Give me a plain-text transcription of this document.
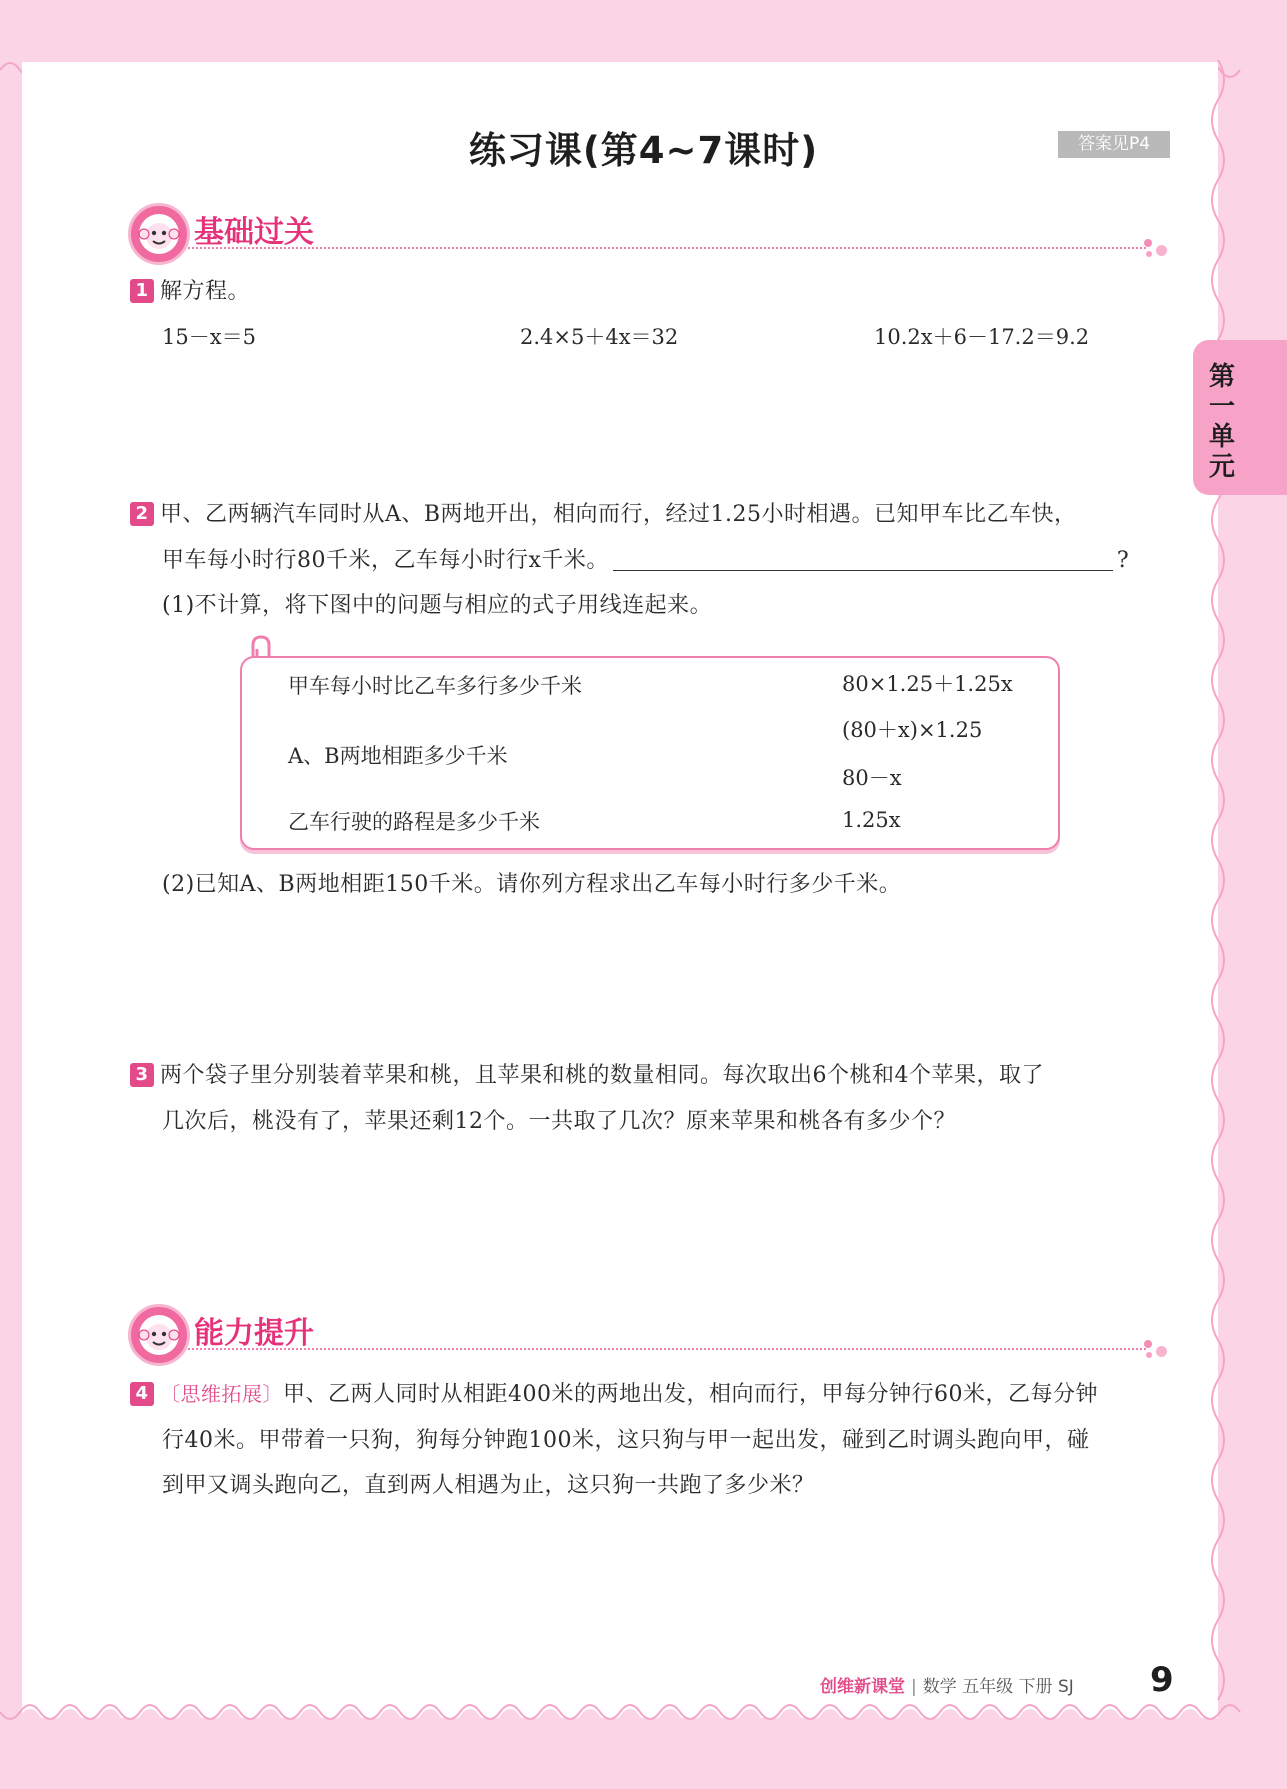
练习课(第4~7课时)	答案见P4
第一单元
基础过关
1 解方程。
15－x＝5	2.4×5＋4x＝32	10.2x＋6－17.2＝9.2
2 甲、乙两辆汽车同时从A、B两地开出，相向而行，经过1.25小时相遇。已知甲车比乙车快，
甲车每小时行80千米，乙车每小时行x千米。	?
(1)不计算，将下图中的问题与相应的式子用线连起来。
甲车每小时比乙车多行多少千米
A、B两地相距多少千米
乙车行驶的路程是多少千米
80×1.25＋1.25x
(80＋x)×1.25
80－x
1.25x
(2)已知A、B两地相距150千米。请你列方程求出乙车每小时行多少千米。
3 两个袋子里分别装着苹果和桃，且苹果和桃的数量相同。每次取出6个桃和4个苹果，取了
几次后，桃没有了，苹果还剩12个。一共取了几次？原来苹果和桃各有多少个？
能力提升
4 〔思维拓展〕甲、乙两人同时从相距400米的两地出发，相向而行，甲每分钟行60米，乙每分钟
行40米。甲带着一只狗，狗每分钟跑100米，这只狗与甲一起出发，碰到乙时调头跑向甲，碰
到甲又调头跑向乙，直到两人相遇为止，这只狗一共跑了多少米？
创维新课堂 | 数学 五年级 下册 SJ 9
